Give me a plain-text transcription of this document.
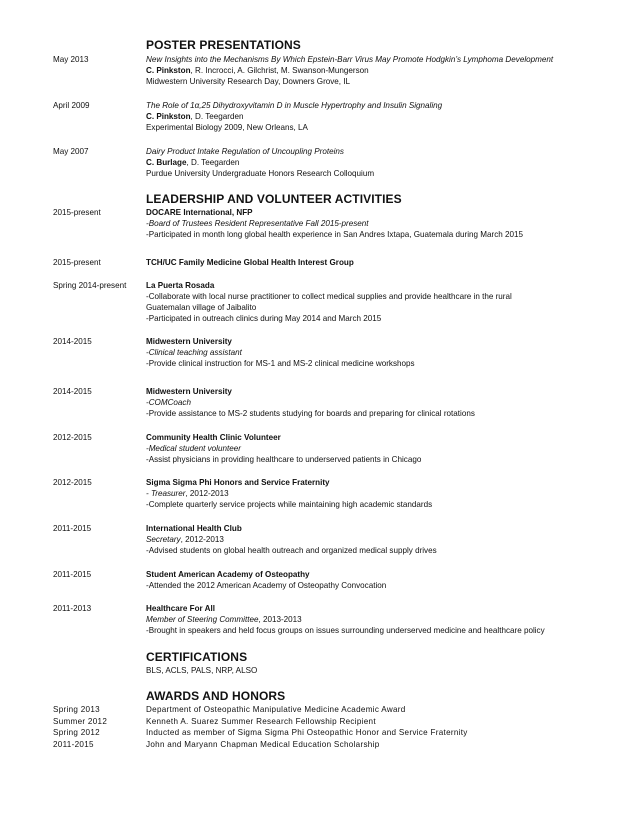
POSTER PRESENTATIONS
May 2013	New Insights into the Mechanisms By Which Epstein-Barr Virus May Promote Hodgkin’s Lymphoma Development
C. Pinkston, R. Incrocci, A. Gilchrist, M. Swanson-Mungerson
Midwestern University Research Day, Downers Grove, IL
April 2009	The Role of 1α,25 Dihydroxyvitamin D in Muscle Hypertrophy and Insulin Signaling
C. Pinkston, D. Teegarden
Experimental Biology 2009, New Orleans, LA
May 2007	Dairy Product Intake Regulation of Uncoupling Proteins
C. Burlage, D. Teegarden
Purdue University Undergraduate Honors Research Colloquium
LEADERSHIP AND VOLUNTEER ACTIVITIES
2015-present	DOCARE International, NFP
-Board of Trustees Resident Representative Fall 2015-present
-Participated in month long global health experience in San Andres Ixtapa, Guatemala during March 2015
2015-present	TCH/UC Family Medicine Global Health Interest Group
Spring 2014-present La Puerta Rosada
-Collaborate with local nurse practitioner to collect medical supplies and provide healthcare in the rural Guatemalan village of Jaibalito
-Participated in outreach clinics during May 2014 and March 2015
2014-2015	Midwestern University
-Clinical teaching assistant
-Provide clinical instruction for MS-1 and MS-2 clinical medicine workshops
2014-2015	Midwestern University
-COMCoach
-Provide assistance to MS-2 students studying for boards and preparing for clinical rotations
2012-2015	Community Health Clinic Volunteer
-Medical student volunteer
-Assist physicians in providing healthcare to underserved patients in Chicago
2012-2015	Sigma Sigma Phi Honors and Service Fraternity
- Treasurer, 2012-2013
-Complete quarterly service projects while maintaining high academic standards
2011-2015	International Health Club
Secretary, 2012-2013
-Advised students on global health outreach and organized medical supply drives
2011-2015	Student American Academy of Osteopathy
-Attended the 2012 American Academy of Osteopathy Convocation
2011-2013	Healthcare For All
Member of Steering Committee, 2013-2013
-Brought in speakers and held focus groups on issues surrounding underserved medicine and healthcare policy
CERTIFICATIONS
BLS, ACLS, PALS, NRP, ALSO
AWARDS AND HONORS
Spring 2013	Department of Osteopathic Manipulative Medicine Academic Award
Summer 2012	Kenneth A. Suarez Summer Research Fellowship Recipient
Spring 2012	Inducted as member of Sigma Sigma Phi Osteopathic Honor and Service Fraternity
2011-2015	John and Maryann Chapman Medical Education Scholarship
